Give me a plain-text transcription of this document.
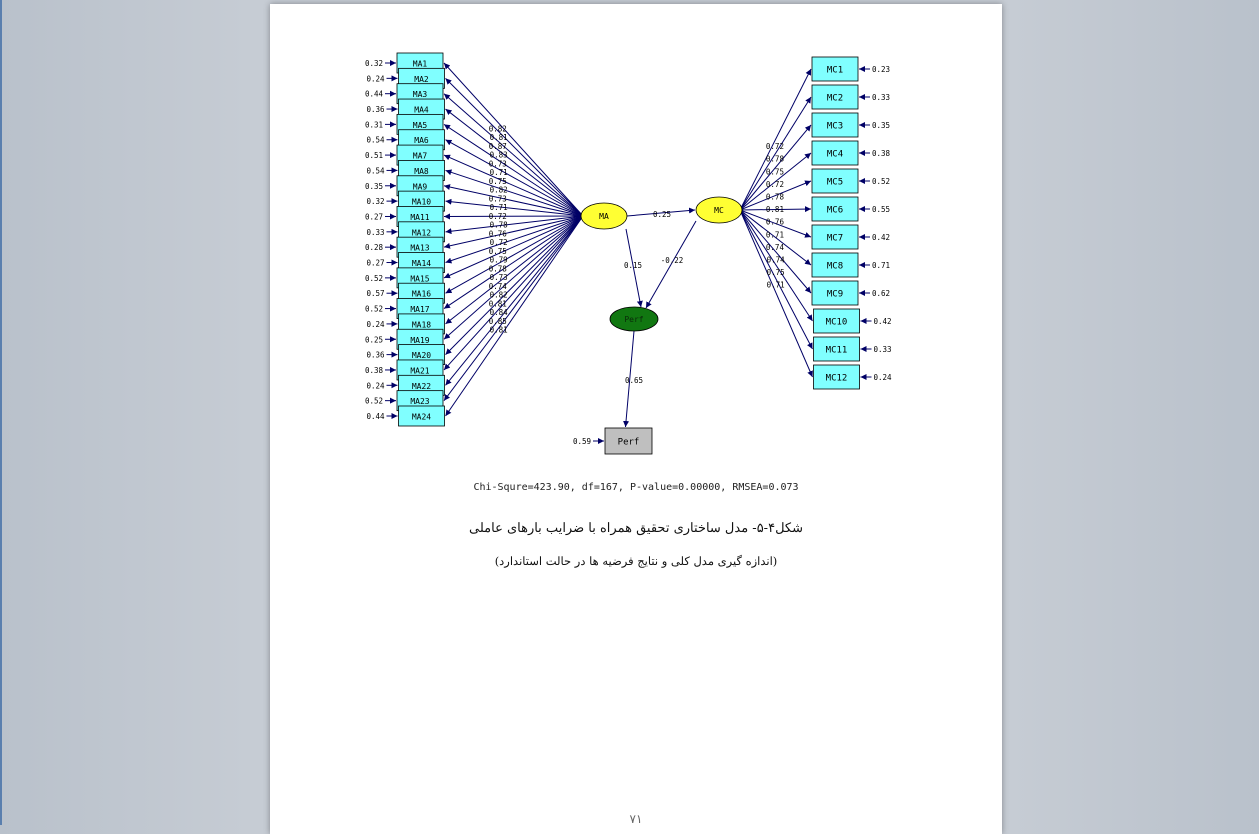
MA1
0.32
0.82
MA2
0.24
0.81
MA3
0.44
0.87
MA4
0.36
0.83
MA5
0.31
0.73
MA6
0.54
0.71
MA7
0.51
0.75
MA8
0.54
0.82
MA9
0.35
0.73
MA10
0.32
0.71
MA11
0.27	0.72
MA12
0.33
0.78
MA13
0.28
0.76
MA14
0.27
0.72
MA15
0.52
0.75
MA16
0.57
0.79
MA17
0.52
0.78
MA18
0.24
0.73
MA19
0.25
0.74
MA20
0.36
0.82
MA21
0.38
0.81
MA22
0.24
0.84
MA23
0.52
0.85
MA24
0.44
0.81
MC1	0.23
0.72
MC2	0.33
0.78
MC3	0.35
0.75
MC4	0.38
0.72	MC5	0.52
0.78
MC6	0.55
0.81
MC7	0.42
0.76
MC8	0.71
0.71
MC9	0.62
0.74
MC10	0.42
0.74
MC11	0.33
0.75
MC12	0.24
0.71
0.25
0.15
-0.22
0.65
Perf
0.59
MA
MC
Perf
Chi-Squre=423.90, df=167, P-value=0.00000, RMSEA=0.073
شکل۴-۵- مدل ساختاری تحقیق همراه با ضرایب بارهای عاملی
(اندازه گیری مدل کلی و نتایج فرضیه ها در حالت استاندارد)
۷۱
